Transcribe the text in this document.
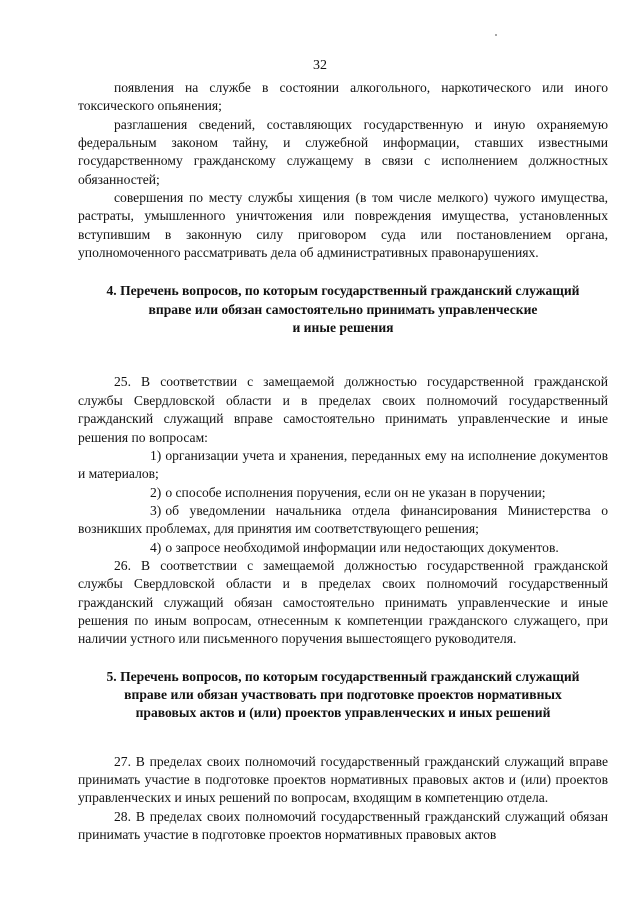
32

появления на службе в состоянии алкогольного, наркотического или иного токсического опьянения;

разглашения сведений, составляющих государственную и иную охраняемую федеральным законом тайну, и служебной информации, ставших известными государственному гражданскому служащему в связи с исполнением должностных обязанностей;

совершения по месту службы хищения (в том числе мелкого) чужого имущества, растраты, умышленного уничтожения или повреждения имущества, установленных вступившим в законную силу приговором суда или постановлением органа, уполномоченного рассматривать дела об административных правонарушениях.

4. Перечень вопросов, по которым государственный гражданский служащий
вправе или обязан самостоятельно принимать управленческие
и иные решения

25. В соответствии с замещаемой должностью государственной гражданской службы Свердловской области и в пределах своих полномочий государственный гражданский служащий вправе самостоятельно принимать управленческие и иные решения по вопросам:

1) организации учета и хранения, переданных ему на исполнение документов и материалов;

2) о способе исполнения поручения, если он не указан в поручении;

3) об уведомлении начальника отдела финансирования Министерства о возникших проблемах, для принятия им соответствующего решения;

4) о запросе необходимой информации или недостающих документов.

26. В соответствии с замещаемой должностью государственной гражданской службы Свердловской области и в пределах своих полномочий государственный гражданский служащий обязан самостоятельно принимать управленческие и иные решения по иным вопросам, отнесенным к компетенции гражданского служащего, при наличии устного или письменного поручения вышестоящего руководителя.

5. Перечень вопросов, по которым государственный гражданский служащий
вправе или обязан участвовать при подготовке проектов нормативных
правовых актов и (или) проектов управленческих и иных решений

27. В пределах своих полномочий государственный гражданский служащий вправе принимать участие в подготовке проектов нормативных правовых актов и (или) проектов управленческих и иных решений по вопросам, входящим в компетенцию отдела.

28. В пределах своих полномочий государственный гражданский служащий обязан принимать участие в подготовке проектов нормативных правовых актов
